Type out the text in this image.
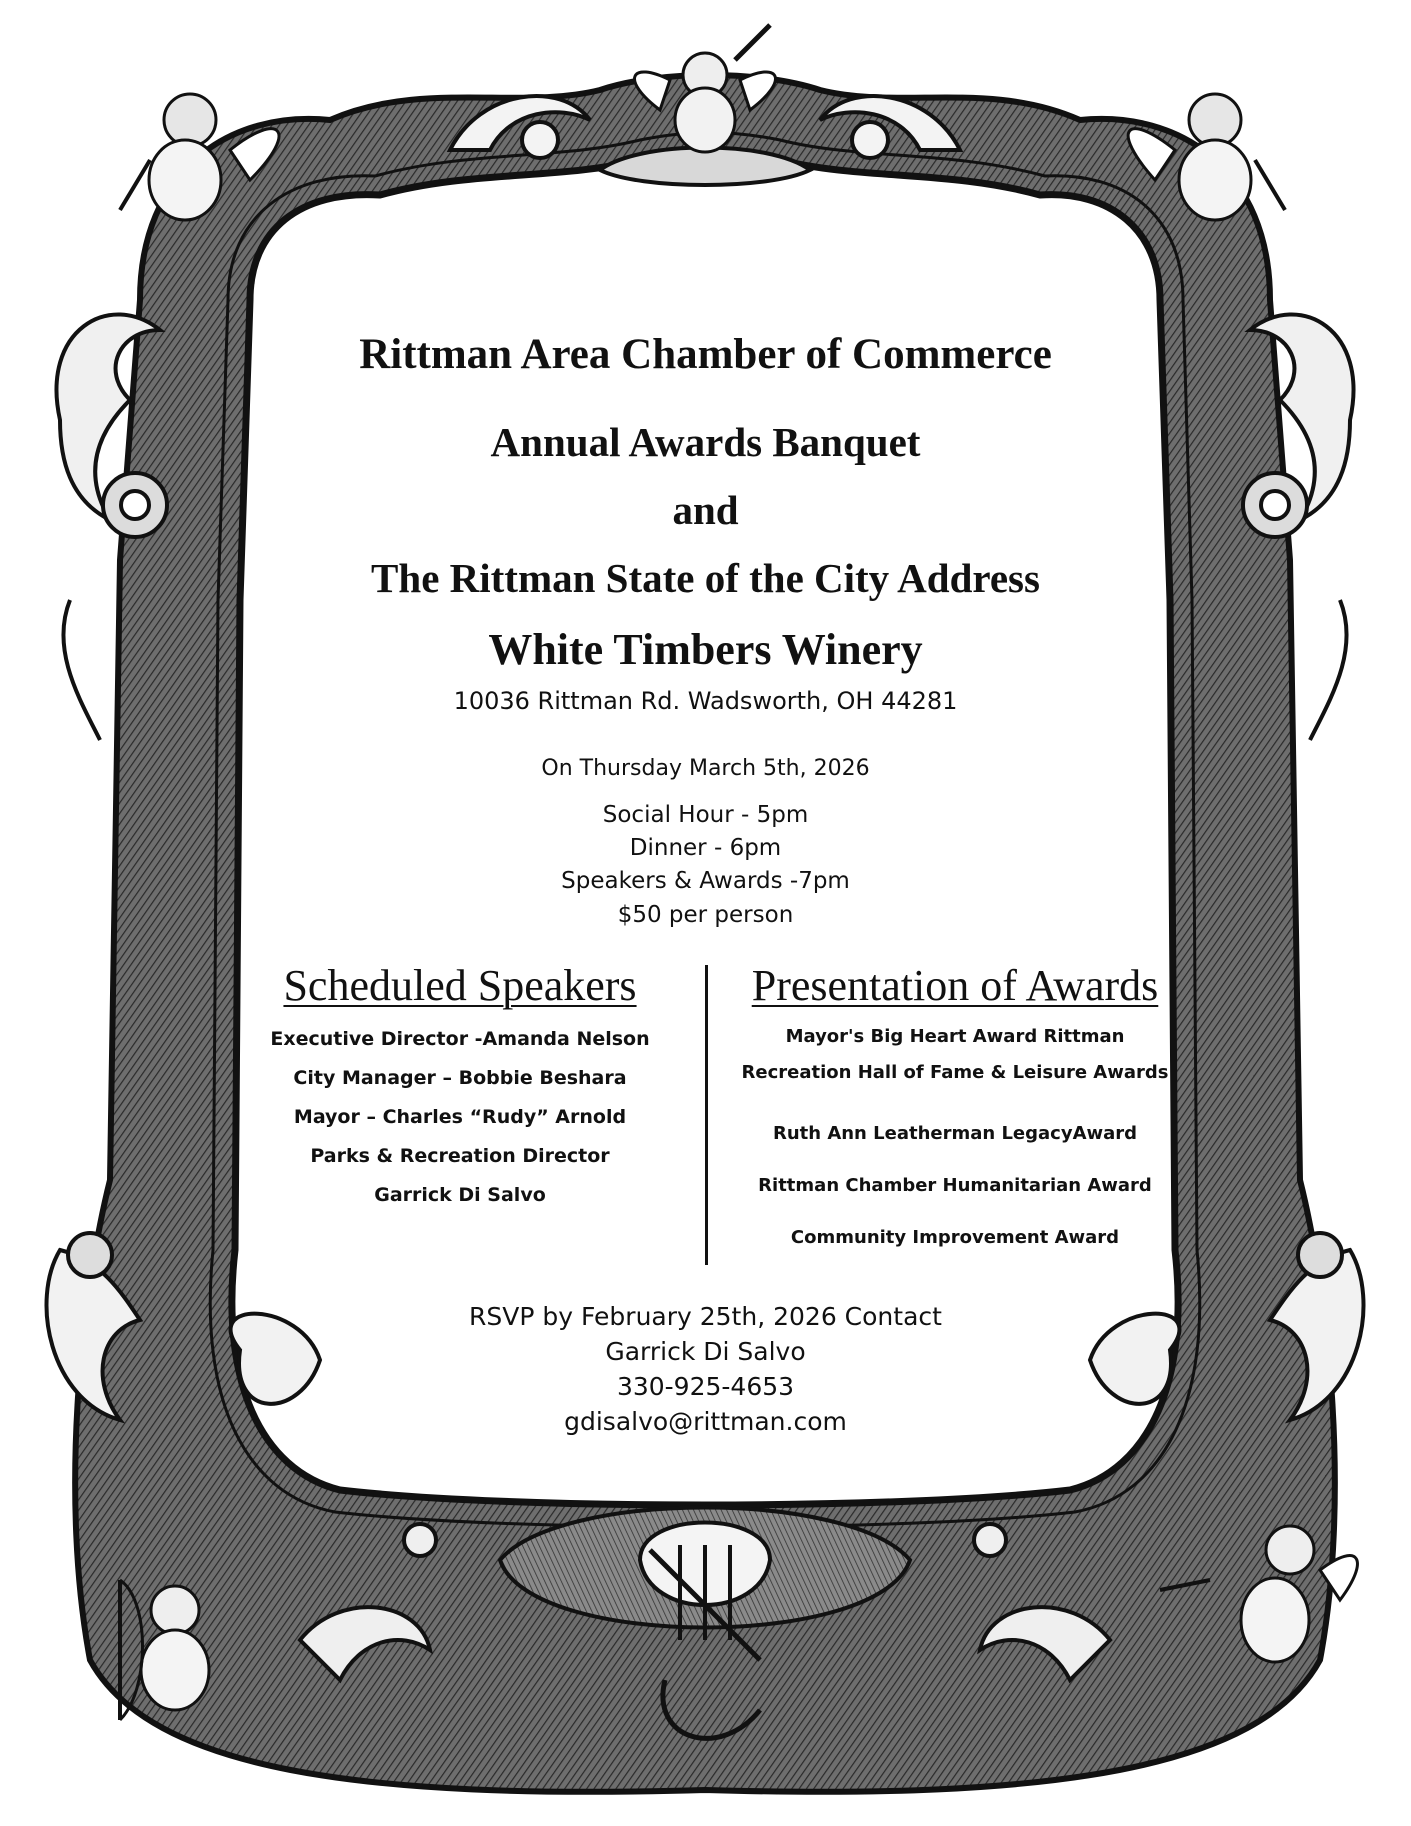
Rittman Area Chamber of Commerce
Annual Awards Banquet
and
The Rittman State of the City Address
White Timbers Winery

10036 Rittman Rd. Wadsworth, OH 44281

On Thursday March 5th, 2026

Social Hour - 5pm

Dinner - 6pm

Speakers & Awards -7pm

$50 per person

Scheduled Speakers

Executive Director -Amanda Nelson

City Manager – Bobbie Beshara

Mayor – Charles “Rudy” Arnold

Parks & Recreation Director

Garrick Di Salvo

Presentation of Awards

Mayor's Big Heart Award Rittman

Recreation Hall of Fame & Leisure Awards

Ruth Ann Leatherman LegacyAward

Rittman Chamber Humanitarian Award

Community Improvement Award

RSVP by February 25th, 2026 Contact

Garrick Di Salvo

330-925-4653

gdisalvo@rittman.com
